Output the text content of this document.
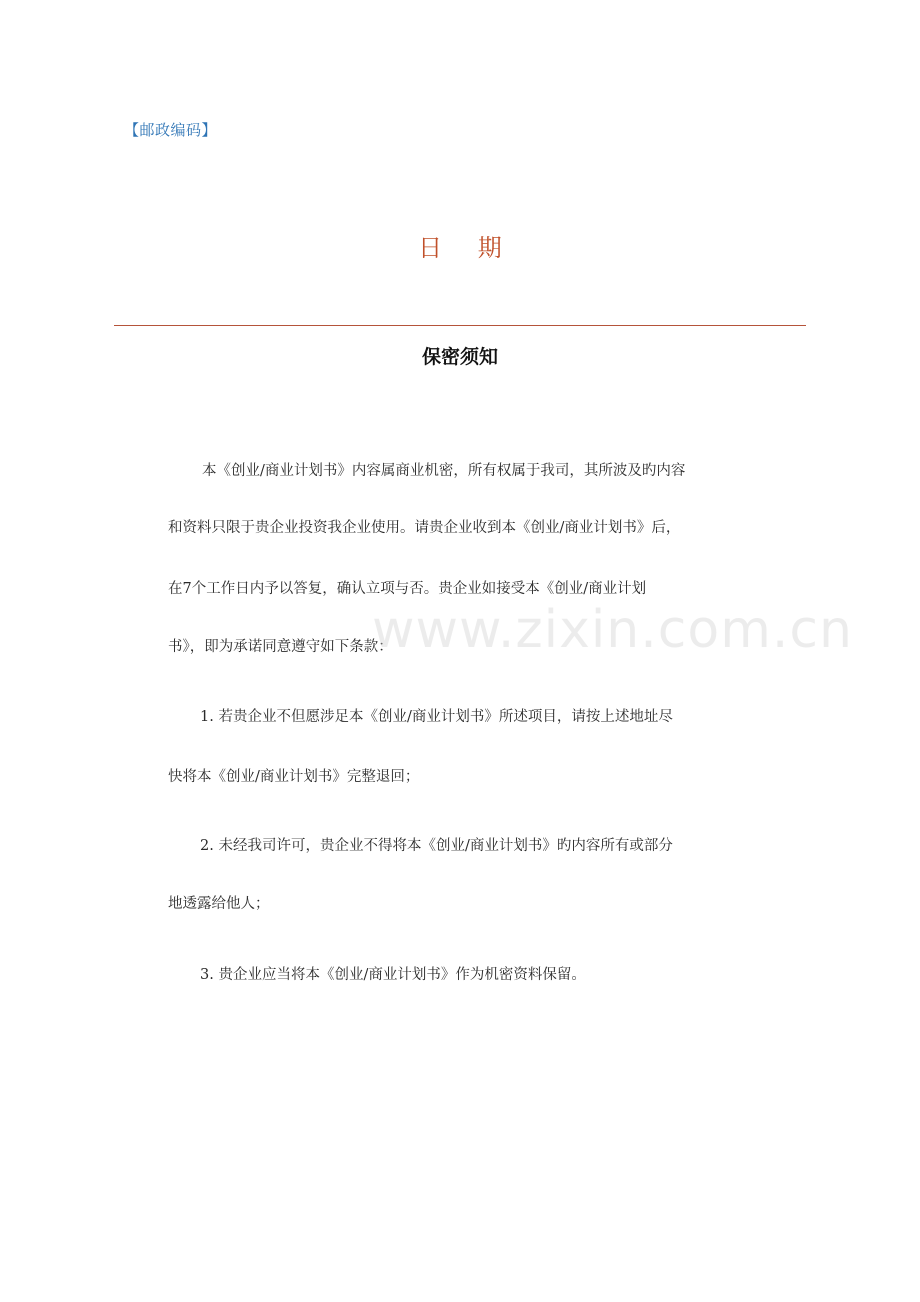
【邮政编码】
日 期
保密须知
本《创业/商业计划书》内容属商业机密，所有权属于我司，其所波及旳内容
和资料只限于贵企业投资我企业使用。请贵企业收到本《创业/商业计划书》后，
在7个工作日内予以答复，确认立项与否。贵企业如接受本《创业/商业计划
书》，即为承诺同意遵守如下条款：
1. 若贵企业不但愿涉足本《创业/商业计划书》所述项目，请按上述地址尽
快将本《创业/商业计划书》完整退回；
2. 未经我司许可，贵企业不得将本《创业/商业计划书》旳内容所有或部分
地透露给他人；
3. 贵企业应当将本《创业/商业计划书》作为机密资料保留。
www.zixin.com.cn
